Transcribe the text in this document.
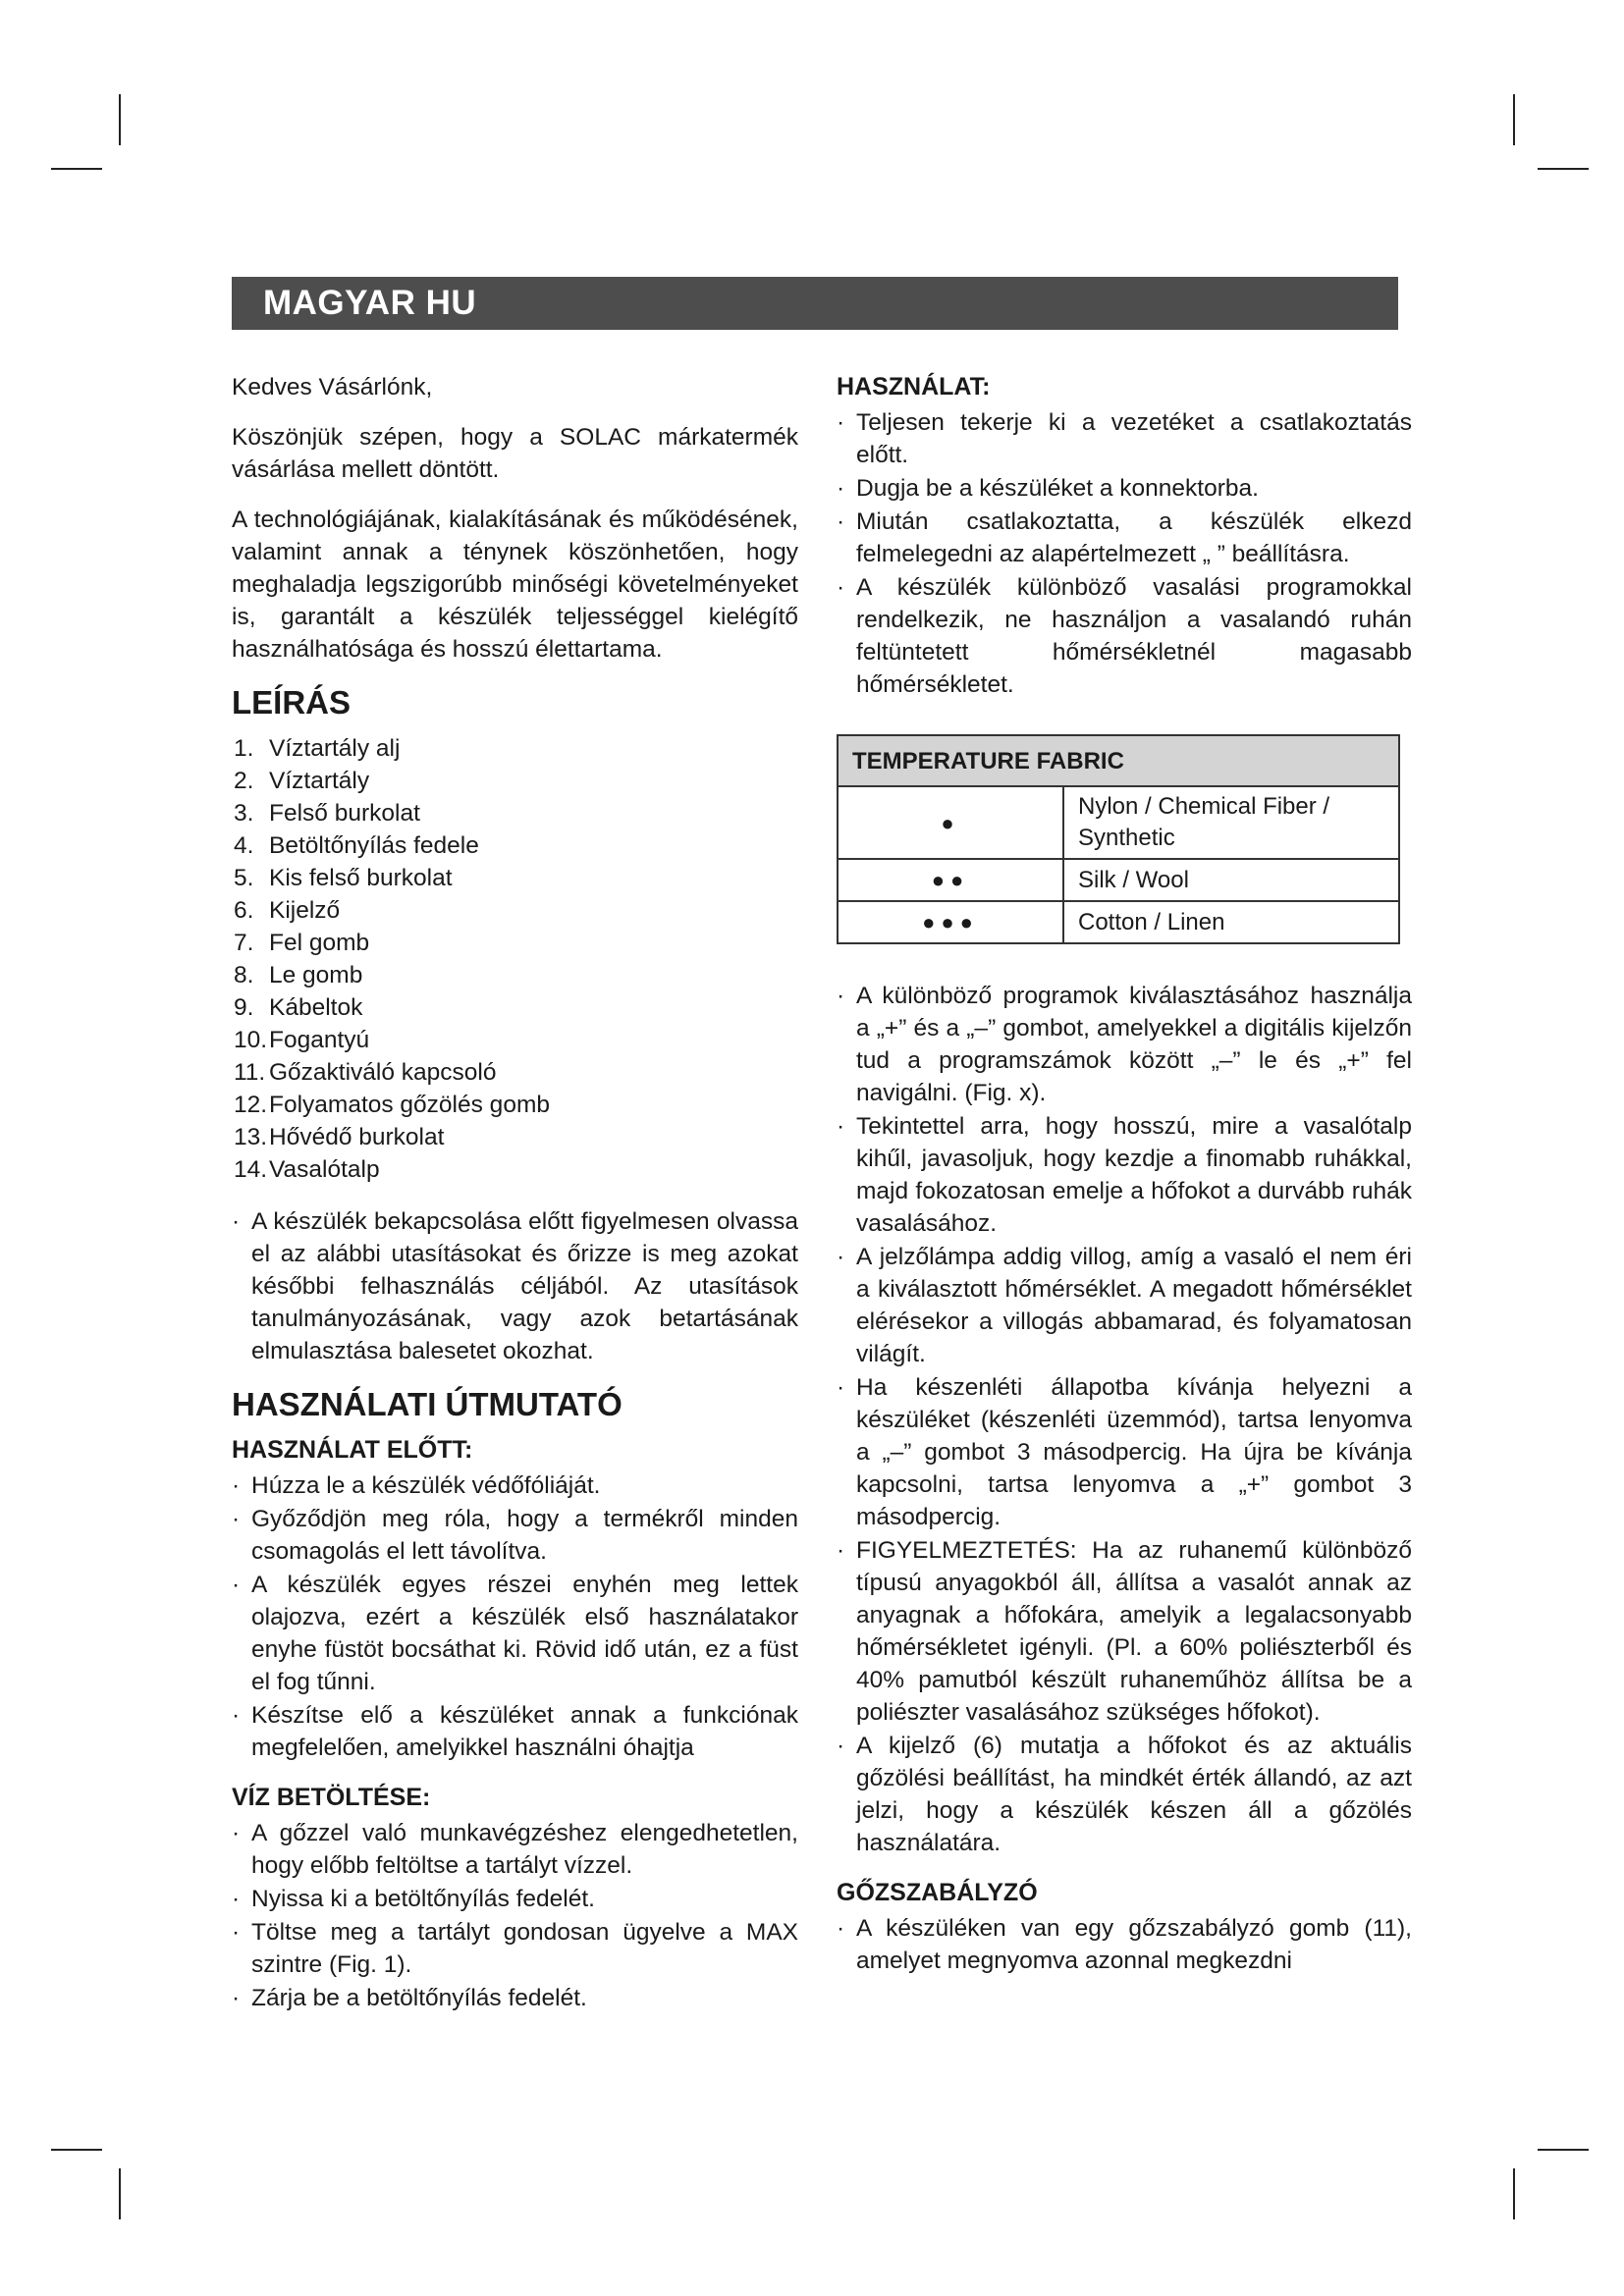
MAGYAR HU

Kedves Vásárlónk,

Köszönjük szépen, hogy a SOLAC márkatermék vásárlása mellett döntött.

A technológiájának, kialakításának és működésének, valamint annak a ténynek köszönhetően, hogy meghaladja legszigorúbb minőségi követelményeket is, garantált a készülék teljességgel kielégítő használhatósága és hosszú élettartama.

LEÍRÁS
1. Víztartály alj
2. Víztartály
3. Felső burkolat
4. Betöltőnyílás fedele
5. Kis felső burkolat
6. Kijelző
7. Fel gomb
8. Le gomb
9. Kábeltok
10.Fogantyú
11. Gőzaktiváló kapcsoló
12.Folyamatos gőzölés gomb
13.Hővédő burkolat
14.Vasalótalp
· A készülék bekapcsolása előtt figyelmesen olvassa el az alábbi utasításokat és őrizze is meg azokat későbbi felhasználás céljából. Az utasítások tanulmányozásának, vagy azok betartásának elmulasztása balesetet okozhat.
HASZNÁLATI ÚTMUTATÓ
HASZNÁLAT ELŐTT:
· Húzza le a készülék védőfóliáját.
· Győződjön meg róla, hogy a termékről minden csomagolás el lett távolítva.
· A készülék egyes részei enyhén meg lettek olajozva, ezért a készülék első használatakor enyhe füstöt bocsáthat ki. Rövid idő után, ez a füst el fog tűnni.
· Készítse elő a készüléket annak a funkciónak megfelelően, amelyikkel használni óhajtja
VÍZ BETÖLTÉSE:
· A gőzzel való munkavégzéshez elengedhetetlen, hogy előbb feltöltse a tartályt vízzel.
· Nyissa ki a betöltőnyílás fedelét.
· Töltse meg a tartályt gondosan ügyelve a MAX szintre (Fig. 1).
· Zárja be a betöltőnyílás fedelét.
HASZNÁLAT:
· Teljesen tekerje ki a vezetéket a csatlakoztatás előtt.
· Dugja be a készüléket a konnektorba.
· Miután csatlakoztatta, a készülék elkezd felmelegedni az alapértelmezett „ ” beállításra.
· A készülék különböző vasalási programokkal rendelkezik, ne használjon a vasalandó ruhán feltüntetett hőmérsékletnél magasabb hőmérsékletet.
TEMPERATURE FABRIC	
●	Nylon / Chemical Fiber / Synthetic
●●	Silk / Wool
●●●	Cotton / Linen
· A különböző programok kiválasztásához használja a „+” és a „–” gombot, amelyekkel a digitális kijelzőn tud a programszámok között „–” le és „+” fel navigálni. (Fig. x).
· Tekintettel arra, hogy hosszú, mire a vasalótalp kihűl, javasoljuk, hogy kezdje a finomabb ruhákkal, majd fokozatosan emelje a hőfokot a durvább ruhák vasalásához.
· A jelzőlámpa addig villog, amíg a vasaló el nem éri a kiválasztott hőmérséklet. A megadott hőmérséklet elérésekor a villogás abbamarad, és folyamatosan világít.
· Ha készenléti állapotba kívánja helyezni a készüléket (készenléti üzemmód), tartsa lenyomva a „–” gombot 3 másodpercig. Ha újra be kívánja kapcsolni, tartsa lenyomva a „+” gombot 3 másodpercig.
· FIGYELMEZTETÉS: Ha az ruhanemű különböző típusú anyagokból áll, állítsa a vasalót annak az anyagnak a hőfokára, amelyik a legalacsonyabb hőmérsékletet igényli. (Pl. a 60% poliészterből és 40% pamutból készült ruhaneműhöz állítsa be a poliészter vasalásához szükséges hőfokot).
· A kijelző (6) mutatja a hőfokot és az aktuális gőzölési beállítást, ha mindkét érték állandó, az azt jelzi, hogy a készülék készen áll a gőzölés használatára.
GŐZSZABÁLYZÓ
· A készüléken van egy gőzszabályzó gomb (11), amelyet megnyomva azonnal megkezdni
